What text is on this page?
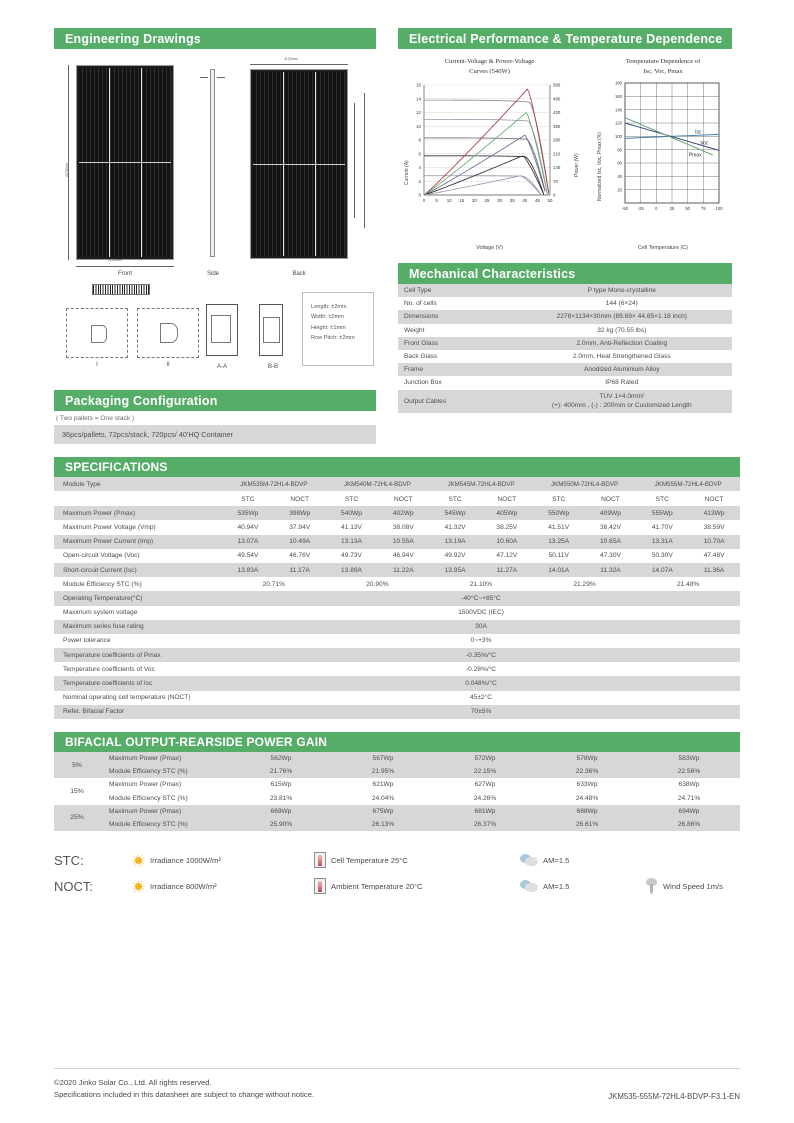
Engineering Drawings
2278mm
1134mm
Front	Side
1134mm
Back
I	II	A-A	B-B
Length: ±2mm
Width: ±2mm
Height: ±1mm
Row Pitch: ±2mm
Packaging Configuration
( Two pallets = One stack )
36pcs/pallets, 72pcs/stack, 720pcs/ 40'HQ Container
Electrical Performance & Temperature Dependence
Current-Voltage & Power-Voltage
Curves (540W)
0
2
4
6
8
10
12
14
16
0
70
140
210
280
350
420
490
560
0 5 10 15 20 25 30 35 40 45 50
Current (A)	Power (W)
Voltage (V)
Temperature Dependence of
Isc, Voc, Pmax
20
40
60
80
100
120
140
160
180
-50 -25	0	25	50	75 100
Isc
Voc
Pmax
Normalized Isc, Voc, Pmax (%)
Cell Temperature (C)
Mechanical Characteristics
Cell Type	P type Mono-crystalline
No. of cells	144 (6×24)
Dimensions	2278×1134×30mm (89.69× 44.65×1.18 inch)
Weight	32 kg (70.55 lbs)
Front Glass	2.0mm, Anti-Reflection Coating
Back Glass	2.0mm, Heat Strengthened Glass
Frame	Anodized Aluminium Alloy
Junction Box	IP68 Rated
Output Cables	TUV 1×4.0mm²
(+): 400mm , (-) : 200mm or Customized Length
SPECIFICATIONS
Module Type	JKM535M-72HL4-BDVP		JKM540M-72HL4-BDVP		JKM545M-72HL4-BDVP		JKM550M-72HL4-BDVP		JKM555M-72HL4-BDVP	
	STC	NOCT	STC	NOCT	STC	NOCT	STC	NOCT	STC	NOCT
Maximum Power (Pmax)	535Wp	398Wp	540Wp	402Wp	545Wp	405Wp	550Wp	409Wp	555Wp	413Wp
Maximum Power Voltage (Vmp)	40.94V	37.94V	41.13V	38.08V	41.32V	38.25V	41.51V	38.42V	41.70V	38.59V
Maximum Power Current (Imp)	13.07A	10.49A	13.13A	10.55A	13.19A	10.60A	13.25A	10.65A	13.31A	10.70A
Open-circuit Voltage (Voc)	49.54V	46.76V	49.73V	46.94V	49.92V	47.12V	50.11V	47.30V	50.30V	47.48V
Short-circuit Current (Isc)	13.83A	11.17A	13.89A	11.22A	13.95A	11.27A	14.01A	11.32A	14.07A	11.36A
Module Efficiency STC (%)	20.71%		20.90%		21.10%		21.29%		21.48%	
Operating Temperature(°C)	-40°C~+85°C									
Maximum system voltage	1500VDC (IEC)									
Maximum series fuse rating	30A									
Power tolerance	0~+3%									
Temperature coefficients of Pmax	-0.35%/°C									
Temperature coefficients of Voc	-0.28%/°C									
Temperature coefficients of Isc	0.048%/°C									
Nominal operating cell temperature (NOCT)	45±2°C									
Refer. Bifacial Factor	70±5%									
BIFACIAL OUTPUT-REARSIDE POWER GAIN
5%	Maximum Power (Pmax)	562Wp	567Wp	572Wp	578Wp	583Wp
	Module Efficiency STC (%)	21.76%	21.95%	22.15%	22.36%	22.56%
15%	Maximum Power (Pmax)	615Wp	621Wp	627Wp	633Wp	638Wp
	Module Efficiency STC (%)	23.81%	24.04%	24.26%	24.48%	24.71%
25%	Maximum Power (Pmax)	669Wp	675Wp	681Wp	688Wp	694Wp
	Module Efficiency STC (%)	25.90%	26.13%	26.37%	26.61%	26.86%
STC:	Irradiance 1000W/m²	Cell Temperature 25°C	AM=1.5
NOCT:	Irradiance 800W/m²	Ambient Temperature 20°C	AM=1.5	Wind Speed 1m/s
©2020 Jinko Solar Co., Ltd. All rights reserved.
Specifications included in this datasheet are subject to change without notice.	JKM535-555M-72HL4-BDVP-F3.1-EN
